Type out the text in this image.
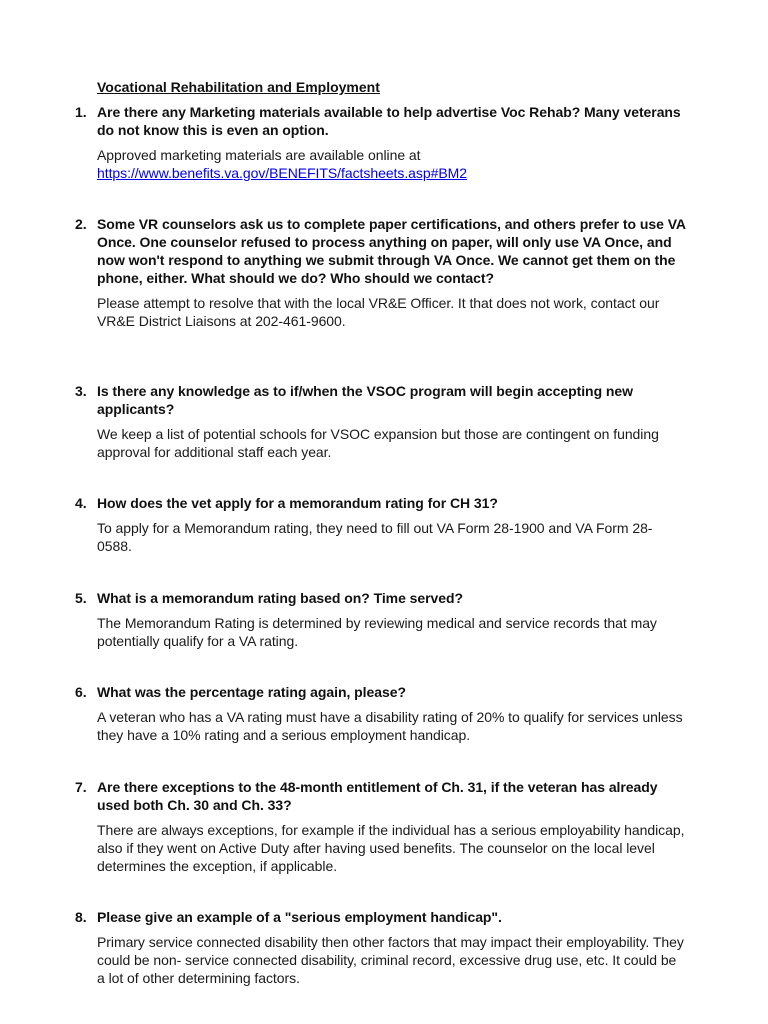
Vocational Rehabilitation and Employment
1. Are there any Marketing materials available to help advertise Voc Rehab? Many veterans do not know this is even an option.
Approved marketing materials are available online at
https://www.benefits.va.gov/BENEFITS/factsheets.asp#BM2
2. Some VR counselors ask us to complete paper certifications, and others prefer to use VA Once. One counselor refused to process anything on paper, will only use VA Once, and now won't respond to anything we submit through VA Once. We cannot get them on the phone, either. What should we do? Who should we contact?
Please attempt to resolve that with the local VR&E Officer. It that does not work, contact our VR&E District Liaisons at 202-461-9600.
3. Is there any knowledge as to if/when the VSOC program will begin accepting new applicants?
We keep a list of potential schools for VSOC expansion but those are contingent on funding approval for additional staff each year.
4. How does the vet apply for a memorandum rating for CH 31?
To apply for a Memorandum rating, they need to fill out VA Form 28-1900 and VA Form 28-0588.
5. What is a memorandum rating based on? Time served?
The Memorandum Rating is determined by reviewing medical and service records that may potentially qualify for a VA rating.
6. What was the percentage rating again, please?
A veteran who has a VA rating must have a disability rating of 20% to qualify for services unless they have a 10% rating and a serious employment handicap.
7. Are there exceptions to the 48-month entitlement of Ch. 31, if the veteran has already used both Ch. 30 and Ch. 33?
There are always exceptions, for example if the individual has a serious employability handicap, also if they went on Active Duty after having used benefits. The counselor on the local level determines the exception, if applicable.
8. Please give an example of a "serious employment handicap".
Primary service connected disability then other factors that may impact their employability. They could be non- service connected disability, criminal record, excessive drug use, etc. It could be a lot of other determining factors.
